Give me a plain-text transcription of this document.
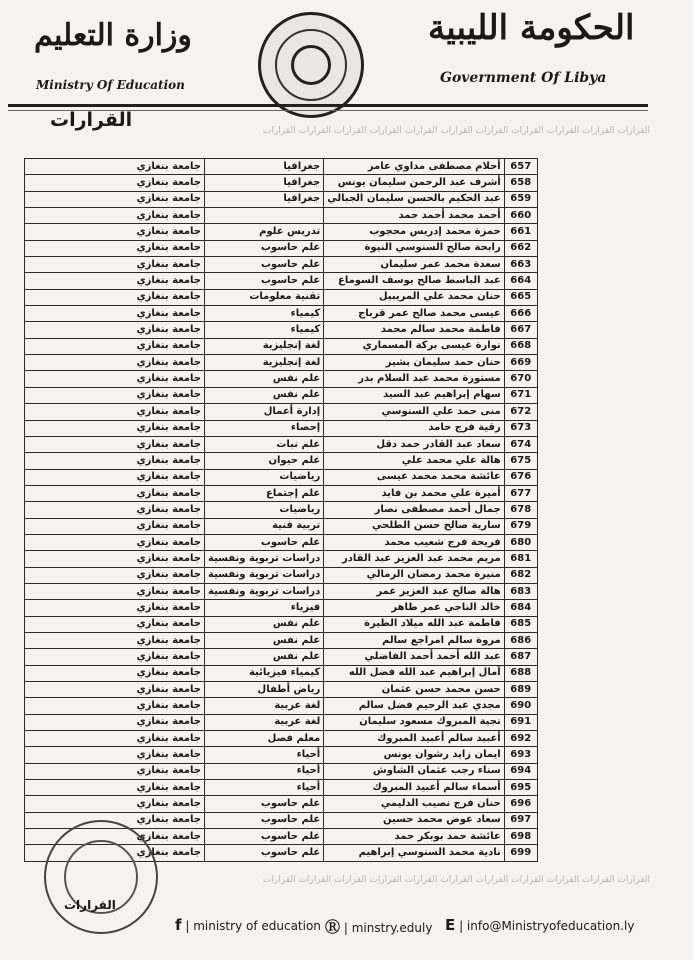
وزارة التعليم
Ministry Of Education
الحكومة الليبية
Government Of Libya
القرارات	القرارات القرارات القرارات القرارات القرارات القرارات القرارات القرارات القرارات القرارات القرارات
657	أحلام مصطفى مداوي عامر	جغرافيا	جامعة بنغازي
658	أشرف عبد الرحمن سليمان يونس	جغرافيا	جامعة بنغازي
659	عبد الحكيم بالحسن سليمان الجبالي	جغرافيا	جامعة بنغازي
660	أحمد محمد أحمد حمد		جامعة بنغازي
661	حمزة محمد إدريس محجوب	تدريس علوم	جامعة بنغازي
662	رابحة صالح السنوسي النيوة	علم حاسوب	جامعة بنغازي
663	سعدة محمد عمر سليمان	علم حاسوب	جامعة بنغازي
664	عبد الباسط صالح يوسف السوماع	علم حاسوب	جامعة بنغازي
665	حنان محمد علي المريبيل	تقنية معلومات	جامعة بنغازي
666	عيسى محمد صالح عمر قرباج	كيمياء	جامعة بنغازي
667	فاطمة محمد سالم محمد	كيمياء	جامعة بنغازي
668	نوارة عيسى بركة المسماري	لغة إنجليزية	جامعة بنغازي
669	حنان حمد سليمان بشير	لغة إنجليزية	جامعة بنغازي
670	مستورة محمد عبد السلام بدر	علم نفس	جامعة بنغازي
671	سهام إبراهيم عبد السيد	علم نفس	جامعة بنغازي
672	منى حمد علي السنوسي	إدارة أعمال	جامعة بنغازي
673	رقية فرج حامد	إحصاء	جامعة بنغازي
674	سعاد عبد القادر حمد دقل	علم نبات	جامعة بنغازي
675	هالة علي محمد علي	علم حيوان	جامعة بنغازي
676	عائشة محمد محمد عيسى	رياضيات	جامعة بنغازي
677	أميرة علي محمد بن فايد	علم إجتماع	جامعة بنغازي
678	جمال أحمد مصطفى نصار	رياضيات	جامعة بنغازي
679	سارية صالح حسن الطلحي	تربية فنية	جامعة بنغازي
680	فريحة فرج شعيب محمد	علم حاسوب	جامعة بنغازي
681	مريم محمد عبد العزيز عبد القادر	دراسات تربوية ونفسية	جامعة بنغازي
682	منيرة محمد رمضان الرمالي	دراسات تربوية ونفسية	جامعة بنغازي
683	هالة صالح عبد العزيز عمر	دراسات تربوية ونفسية	جامعة بنغازي
684	خالد الناجي عمر طاهر	فيزياء	جامعة بنغازي
685	فاطمة عبد الله ميلاد الطيرة	علم نفس	جامعة بنغازي
686	مروة سالم امراجع سالم	علم نفس	جامعة بنغازي
687	عبد الله أحمد أحمد الفاضلي	علم نفس	جامعة بنغازي
688	آمال إبراهيم عبد الله فضل الله	كيمياء فيزيائية	جامعة بنغازي
689	حسن محمد حسن عثمان	رياض أطفال	جامعة بنغازي
690	مجدي عبد الرحيم فضل سالم	لغة عربية	جامعة بنغازي
691	نجية المبروك مسعود سليمان	لغة عربية	جامعة بنغازي
692	أعبيد سالم أعبيد المبروك	معلم فصل	جامعة بنغازي
693	ايمان زايد رشوان يونس	أحياء	جامعة بنغازي
694	سناء رجب عثمان الشاوش	أحياء	جامعة بنغازي
695	أسماء سالم أعبيد المبروك	أحياء	جامعة بنغازي
696	حنان فرج نصيب الدليمي	علم حاسوب	جامعة بنغازي
697	سعاد عوض محمد حسين	علم حاسوب	جامعة بنغازي
698	عائشة حمد بوبكر حمد	علم حاسوب	جامعة بنغازي
699	نادية محمد السنوسي إبراهيم	علم حاسوب	جامعة بنغازي
القرارات القرارات القرارات القرارات القرارات القرارات القرارات القرارات القرارات القرارات القرارات
القرارات
f | ministry of education Ⓡ | minstry.eduly E | info@Ministryofeducation.ly
